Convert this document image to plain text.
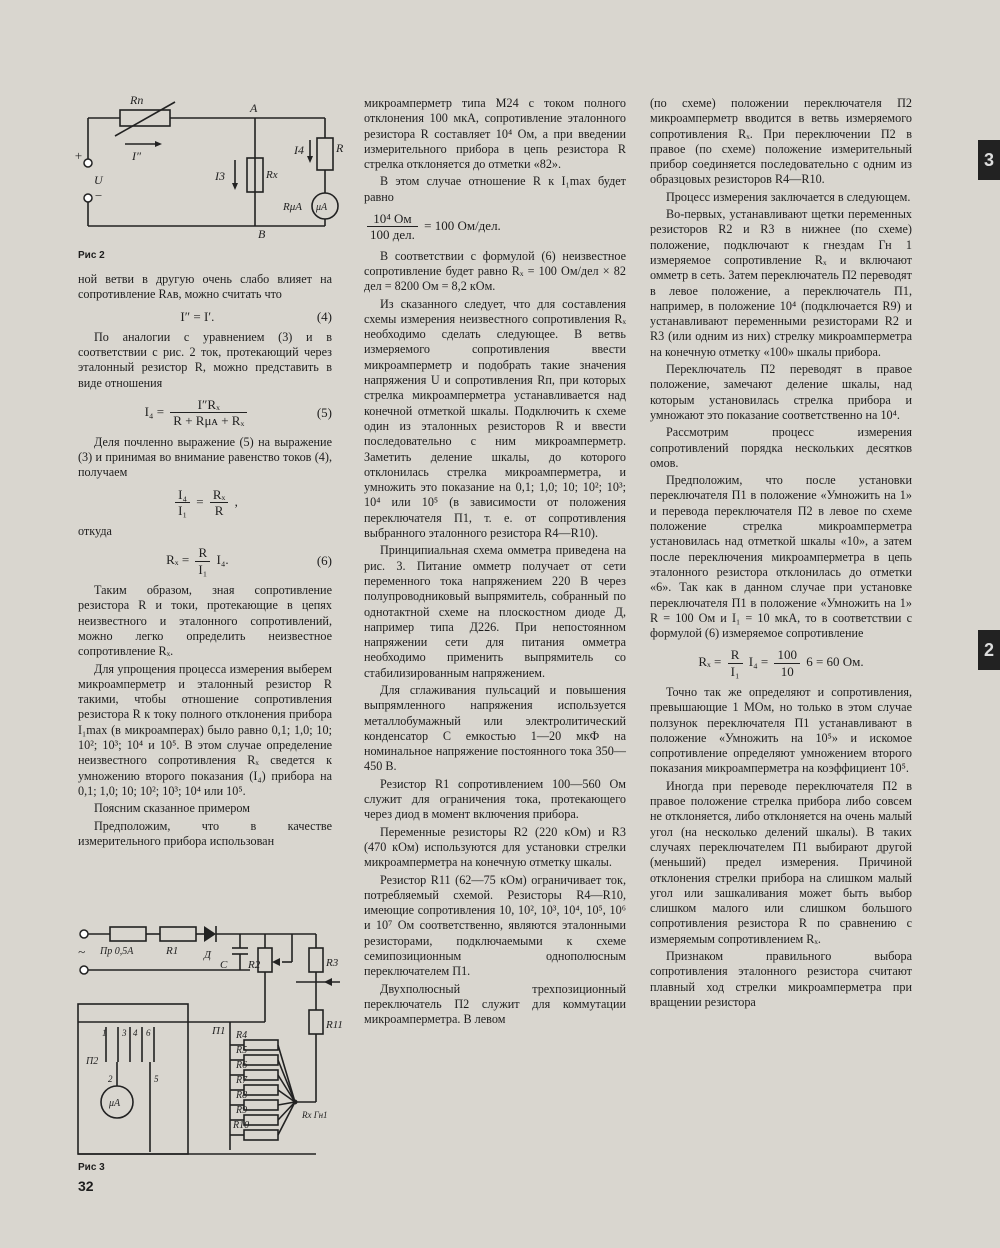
Rп
A
B
I″
U
+
−
I3	Rx
I4	R
RμA μA
Рис 2

ной ветви в другую очень слабо влияет на сопротивление Rᴀʙ, можно считать что

I″ = I′.	(4)

По аналогии с уравнением (3) и в соответствии с рис. 2 ток, протекающий через эталонный резистор R, можно представить в виде отношения

$I_4 = \frac{\text{I″Rₓ}}{\text{R + Rμᴀ + Rₓ}}$	(5)

Деля почленно выражение (5) на выражение (3) и принимая во внимание равенство токов (4), получаем

$\frac{\text{I₄}}{\text{I₁}} = \frac{\text{Rₓ}}{R}$ ,

откуда

$R_x = \frac{R}{\text{I₁}} I_4$.	(6)

Таким образом, зная сопротивление резистора R и токи, протекающие в цепях неизвестного и эталонного сопротивлений, можно легко определить неизвестное сопротивление Rₓ.

Для упрощения процесса измерения выберем микроамперметр и эталонный резистор R такими, чтобы отношение сопротивления резистора R к току полного отклонения прибора I₁max (в микроамперах) было равно 0,1; 1,0; 10; 10²; 10³; 10⁴ и 10⁵. В этом случае определение неизвестного сопротивления Rₓ сведется к умножению второго показания (I₄) прибора на 0,1; 1,0; 10; 10²; 10³; 10⁴ или 10⁵.

Поясним сказанное примером

Предположим, что в качестве измерительного прибора использован

Пр 0,5А	R1 Д
C R2	R3
R11
П1 R4
R5
R6
R7
R8
R9
R10
μA
Rx Гн1
1 3 4 6
2	5
П2
~
Рис 3
32

микроамперметр типа М24 с током полного отклонения 100 мкА, сопротивление эталонного резистора R составляет 10⁴ Ом, а при введении измерительного прибора в цепь резистора R стрелка отклоняется до отметки «82».

В этом случае отношение R к I₁max будет равно

$\frac{\text{10⁴ Ом}}{\text{100 дел.}} = 100$ Ом/дел.

В соответствии с формулой (6) неизвестное сопротивление будет равно Rₓ = 100 Ом/дел × 82 дел = 8200 Ом = 8,2 кОм.

Из сказанного следует, что для составления схемы измерения неизвестного сопротивления Rₓ необходимо сделать следующее. В ветвь измеряемого сопротивления ввести микроамперметр и подобрать такие значения напряжения U и сопротивления Rп, при которых стрелка микроамперметра устанавливается над конечной отметкой шкалы. Подключить к схеме один из эталонных резисторов R и ввести последовательно с ним микроамперметр. Заметить деление шкалы, до которого отклонилась стрелка микроамперметра, и умножить это показание на 0,1; 1,0; 10; 10²; 10³; 10⁴ или 10⁵ (в зависимости от положения переключателя П1, т. е. от сопротивления выбранного эталонного резистора R4—R10).

Принципиальная схема омметра приведена на рис. 3. Питание омметр получает от сети переменного тока напряжением 220 В через полупроводниковый выпрямитель, собранный по однотактной схеме на плоскостном диоде Д, например типа Д226. При непостоянном напряжении сети для питания омметра необходимо применить выпрямитель со стабилизированным напряжением.

Для сглаживания пульсаций и повышения выпрямленного напряжения используется металлобумажный или электролитический конденсатор С емкостью 1—20 мкФ на номинальное напряжение постоянного тока 350—450 В.

Резистор R1 сопротивлением 100—560 Ом служит для ограничения тока, протекающего через диод в момент включения прибора.

Переменные резисторы R2 (220 кОм) и R3 (470 кОм) используются для установки стрелки микроамперметра на конечную отметку шкалы.

Резистор R11 (62—75 кОм) ограничивает ток, потребляемый схемой. Резисторы R4—R10, имеющие сопротивления 10, 10², 10³, 10⁴, 10⁵, 10⁶ и 10⁷ Ом соответственно, являются эталонными резисторами, подключаемыми к схеме семипозиционным однополюсным переключателем П1.

Двухполюсный трехпозиционный переключатель П2 служит для коммутации микроамперметра. В левом

(по схеме) положении переключателя П2 микроамперметр вводится в ветвь измеряемого сопротивления Rₓ. При переключении П2 в правое (по схеме) положение измерительный прибор соединяется последовательно с одним из образцовых резисторов R4—R10.

Процесс измерения заключается в следующем.

Во-первых, устанавливают щетки переменных резисторов R2 и R3 в нижнее (по схеме) положение, подключают к гнездам Гн 1 измеряемое сопротивление Rₓ и включают омметр в сеть. Затем переключатель П2 переводят в левое положение, а переключатель П1, например, в положение 10⁴ (подключается R9) и устанавливают переменными резисторами R2 и R3 (или одним из них) стрелку микроамперметра на конечную отметку «100» шкалы прибора.

Переключатель П2 переводят в правое положение, замечают деление шкалы, над которым установилась стрелка прибора и умножают это показание соответственно на 10⁴.

Рассмотрим процесс измерения сопротивлений порядка нескольких десятков омов.

Предположим, что после установки переключателя П1 в положение «Умножить на 1» и перевода переключателя П2 в левое по схеме положение стрелка микроамперметра установилась над отметкой шкалы «10», а затем после переключения микроамперметра в цепь эталонного резистора отклонилась до отметки «6». Так как в данном случае при установке переключателя П1 в положение «Умножить на 1» R = 100 Ом и I₁ = 10 мкА, то в соответствии с формулой (6) измеряемое сопротивление

$R_x = \frac{R}{\text{I₁}} I_4 = \frac{100}{10} 6 = 60$ Ом.

Точно так же определяют и сопротивления, превышающие 1 МОм, но только в этом случае ползунок переключателя П1 устанавливают в положение «Умножить на 10⁵» и искомое сопротивление определяют умножением второго показания микроамперметра на коэффициент 10⁵.

Иногда при переводе переключателя П2 в правое положение стрелка прибора либо совсем не отклоняется, либо отклоняется на очень малый угол (на несколько делений шкалы). В таких случаях переключателем П1 выбирают другой (меньший) предел измерения. Причиной отклонения стрелки прибора на слишком малый угол или зашкаливания может быть выбор слишком малого или слишком большого сопротивления резистора R по сравнению с измеряемым сопротивлением Rₓ.

Признаком правильного выбора сопротивления эталонного резистора считают плавный ход стрелки микроамперметра при вращении резистора

3
2
